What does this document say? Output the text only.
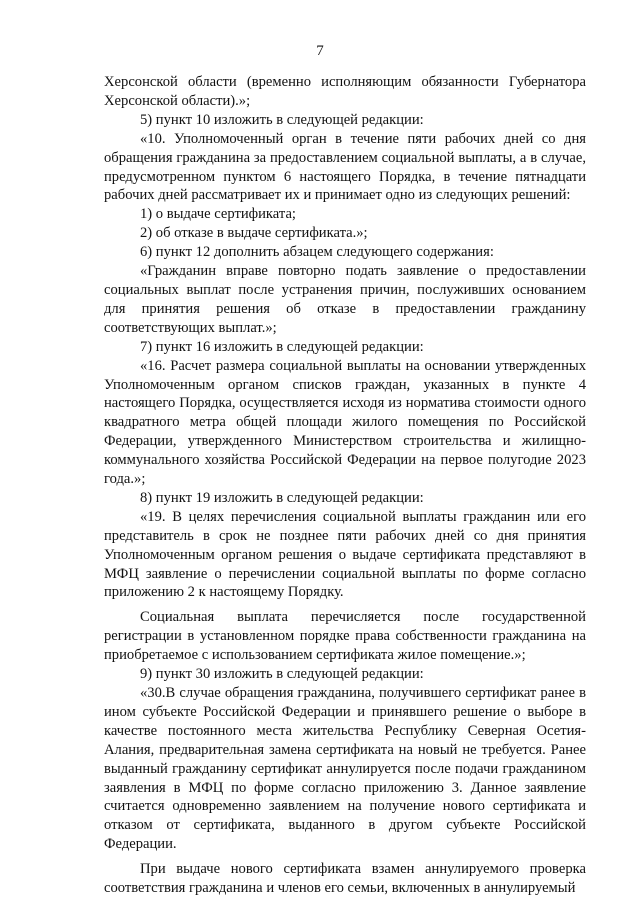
7

Херсонской области (временно исполняющим обязанности Губернатора Херсонской области).»;

5) пункт 10 изложить в следующей редакции:

«10. Уполномоченный орган в течение пяти рабочих дней со дня обращения гражданина за предоставлением социальной выплаты, а в случае, предусмотренном пунктом 6 настоящего Порядка, в течение пятнадцати рабочих дней рассматривает их и принимает одно из следующих решений:

1) о выдаче сертификата;

2) об отказе в выдаче сертификата.»;

6) пункт 12 дополнить абзацем следующего содержания:

«Гражданин вправе повторно подать заявление о предоставлении социальных выплат после устранения причин, послуживших основанием для принятия решения об отказе в предоставлении гражданину соответствующих выплат.»;

7) пункт 16 изложить в следующей редакции:

«16. Расчет размера социальной выплаты на основании утвержденных Уполномоченным органом списков граждан, указанных в пункте 4 настоящего Порядка, осуществляется исходя из норматива стоимости одного квадратного метра общей площади жилого помещения по Российской Федерации, утвержденного Министерством строительства и жилищно-коммунального хозяйства Российской Федерации на первое полугодие 2023 года.»;

8) пункт 19 изложить в следующей редакции:

«19. В целях перечисления социальной выплаты гражданин или его представитель в срок не позднее пяти рабочих дней со дня принятия Уполномоченным органом решения о выдаче сертификата представляют в МФЦ заявление о перечислении социальной выплаты по форме согласно приложению 2 к настоящему Порядку.

Социальная выплата перечисляется после государственной регистрации в установленном порядке права собственности гражданина на приобретаемое с использованием сертификата жилое помещение.»;

9) пункт 30 изложить в следующей редакции:

«30.В случае обращения гражданина, получившего сертификат ранее в ином субъекте Российской Федерации и принявшего решение о выборе в качестве постоянного места жительства Республику Северная Осетия-Алания, предварительная замена сертификата на новый не требуется. Ранее выданный гражданину сертификат аннулируется после подачи гражданином заявления в МФЦ по форме согласно приложению 3. Данное заявление считается одновременно заявлением на получение нового сертификата и отказом от сертификата, выданного в другом субъекте Российской Федерации.

При выдаче нового сертификата взамен аннулируемого проверка соответствия гражданина и членов его семьи, включенных в аннулируемый
